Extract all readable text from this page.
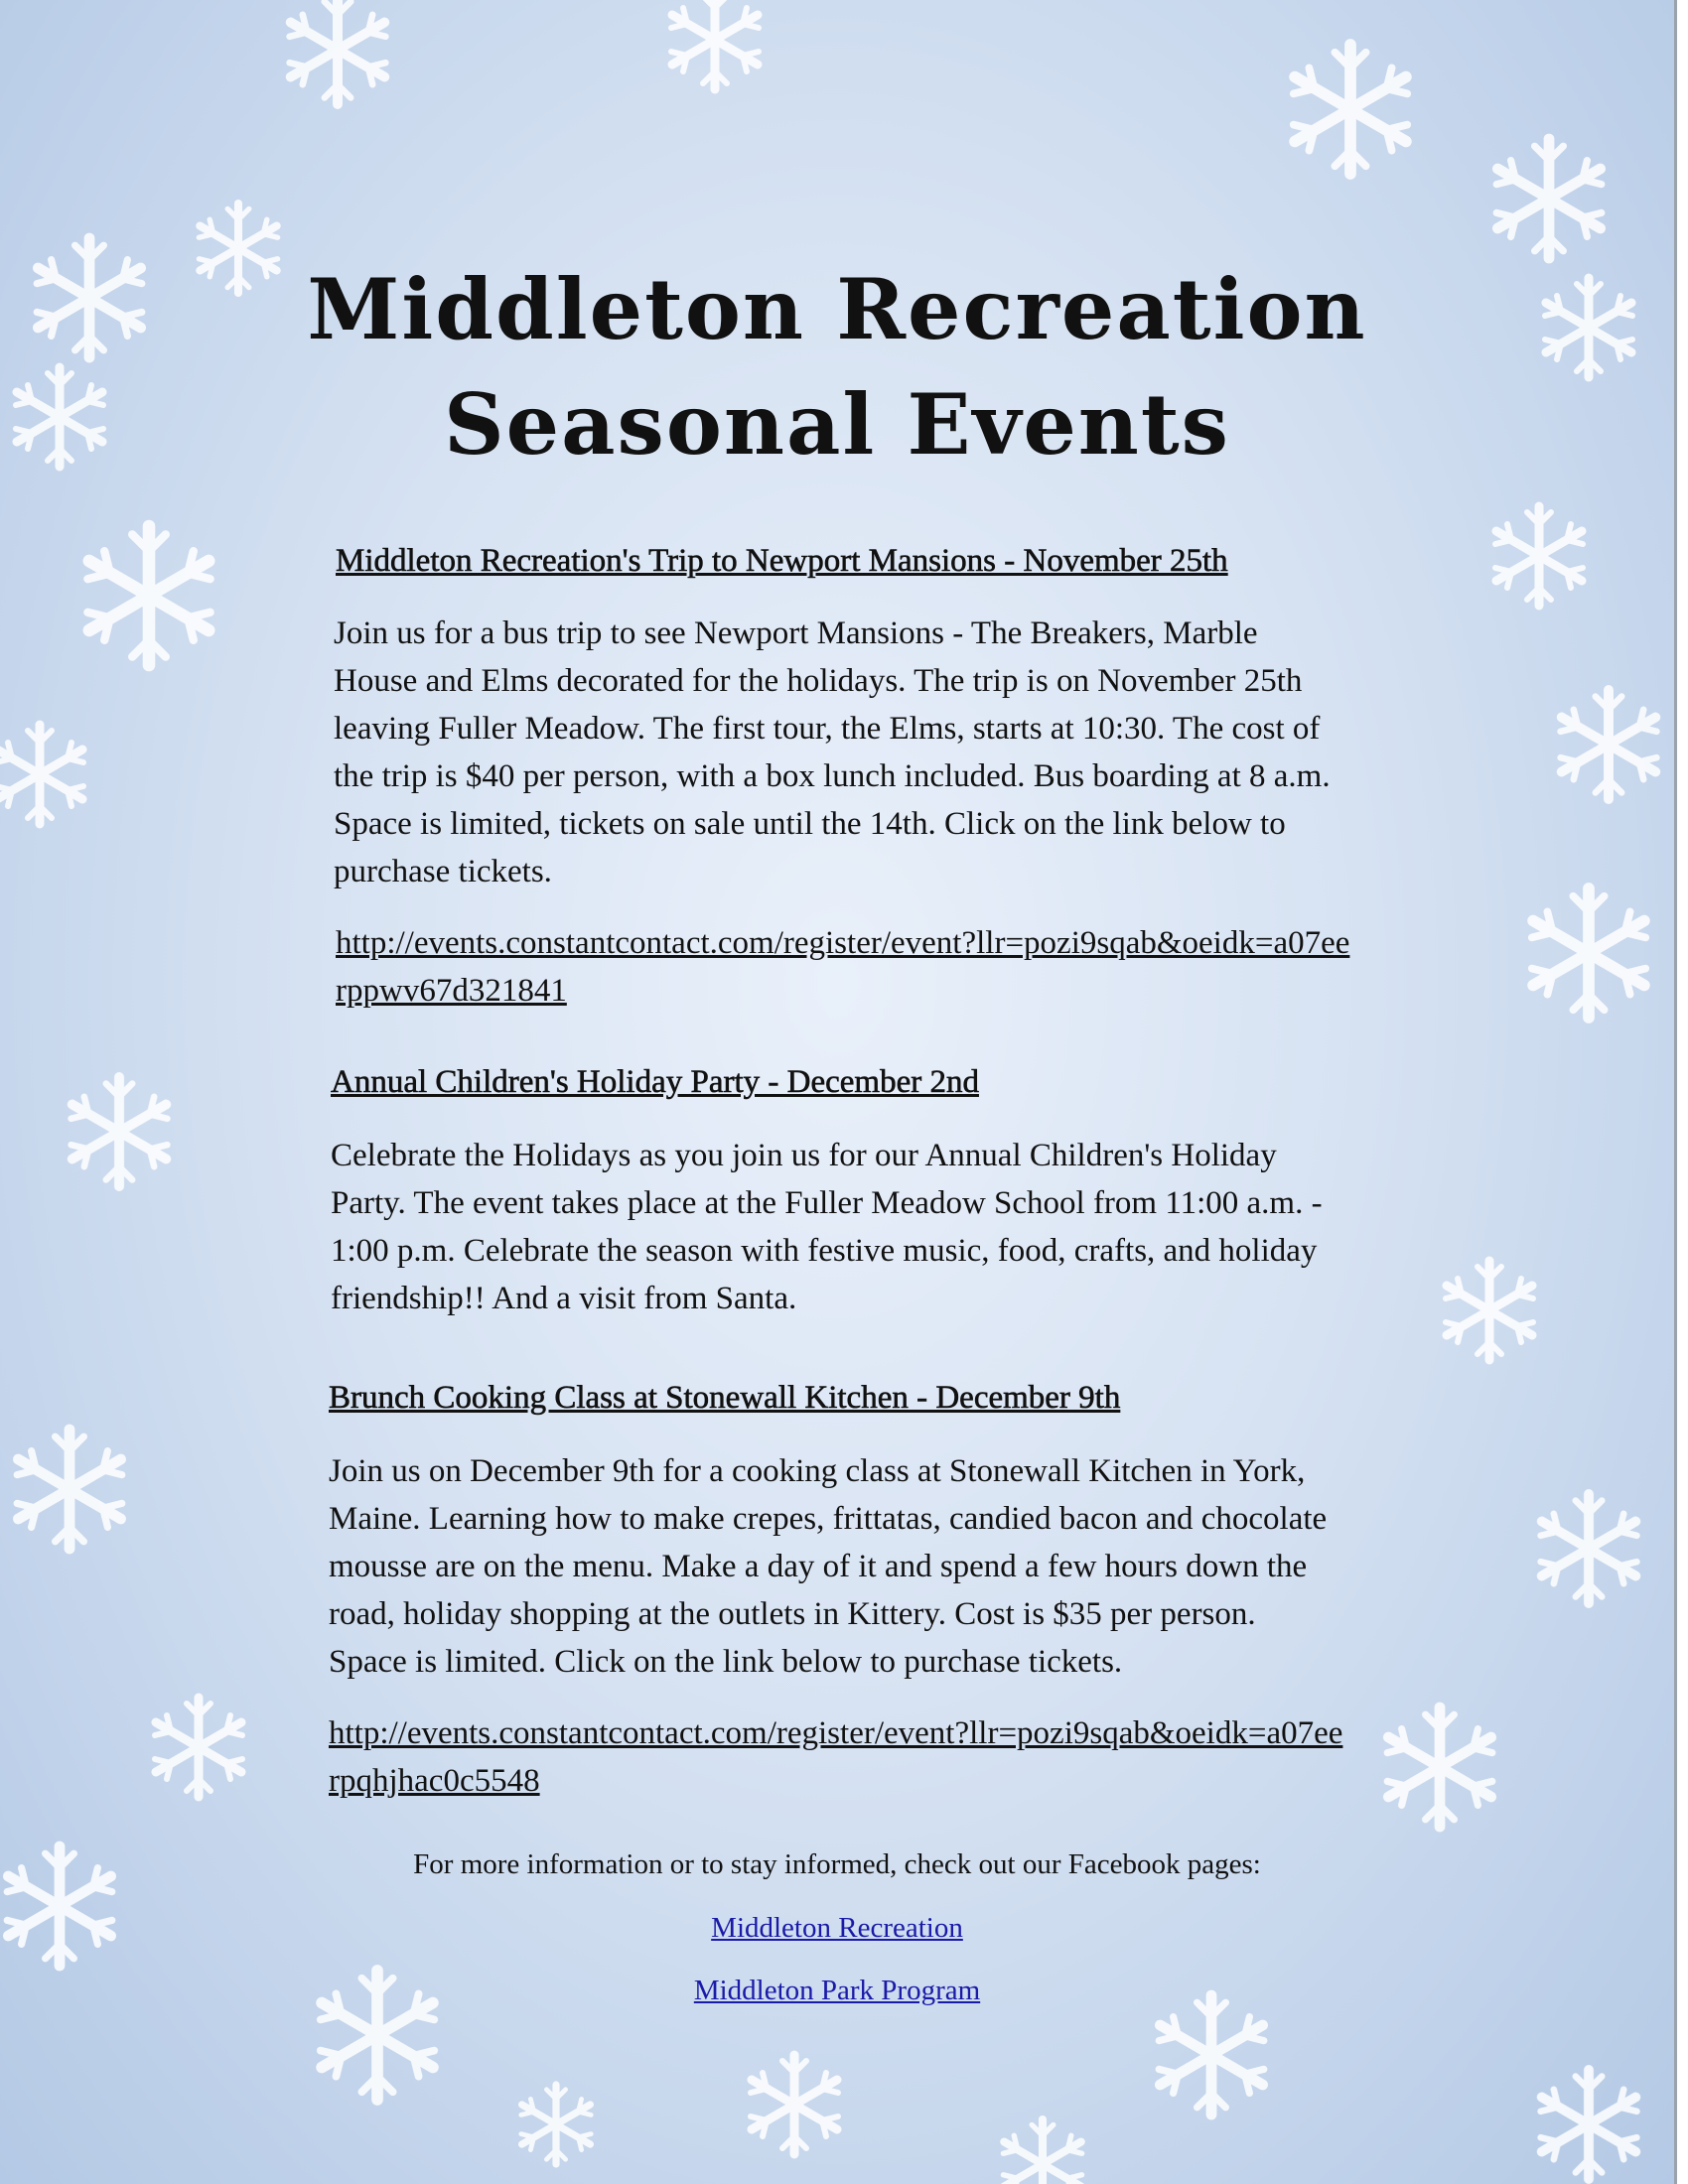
Middleton Recreation
Seasonal Events
Middleton Recreation's Trip to Newport Mansions - November 25th
Join us for a bus trip to see Newport Mansions - The Breakers, Marble
House and Elms decorated for the holidays. The trip is on November 25th
leaving Fuller Meadow. The first tour, the Elms, starts at 10:30. The cost of
the trip is $40 per person, with a box lunch included. Bus boarding at 8 a.m.
Space is limited, tickets on sale until the 14th. Click on the link below to
purchase tickets.
http://events.constantcontact.com/register/event?llr=pozi9sqab&oeidk=a07ee
rppwv67d321841
Annual Children's Holiday Party - December 2nd
Celebrate the Holidays as you join us for our Annual Children's Holiday
Party. The event takes place at the Fuller Meadow School from 11:00 a.m. -
1:00 p.m. Celebrate the season with festive music, food, crafts, and holiday
friendship!! And a visit from Santa.
Brunch Cooking Class at Stonewall Kitchen - December 9th
Join us on December 9th for a cooking class at Stonewall Kitchen in York,
Maine. Learning how to make crepes, frittatas, candied bacon and chocolate
mousse are on the menu. Make a day of it and spend a few hours down the
road, holiday shopping at the outlets in Kittery. Cost is $35 per person.
Space is limited. Click on the link below to purchase tickets.
http://events.constantcontact.com/register/event?llr=pozi9sqab&oeidk=a07ee
rpqhjhac0c5548
For more information or to stay informed, check out our Facebook pages:
Middleton Recreation
Middleton Park Program
